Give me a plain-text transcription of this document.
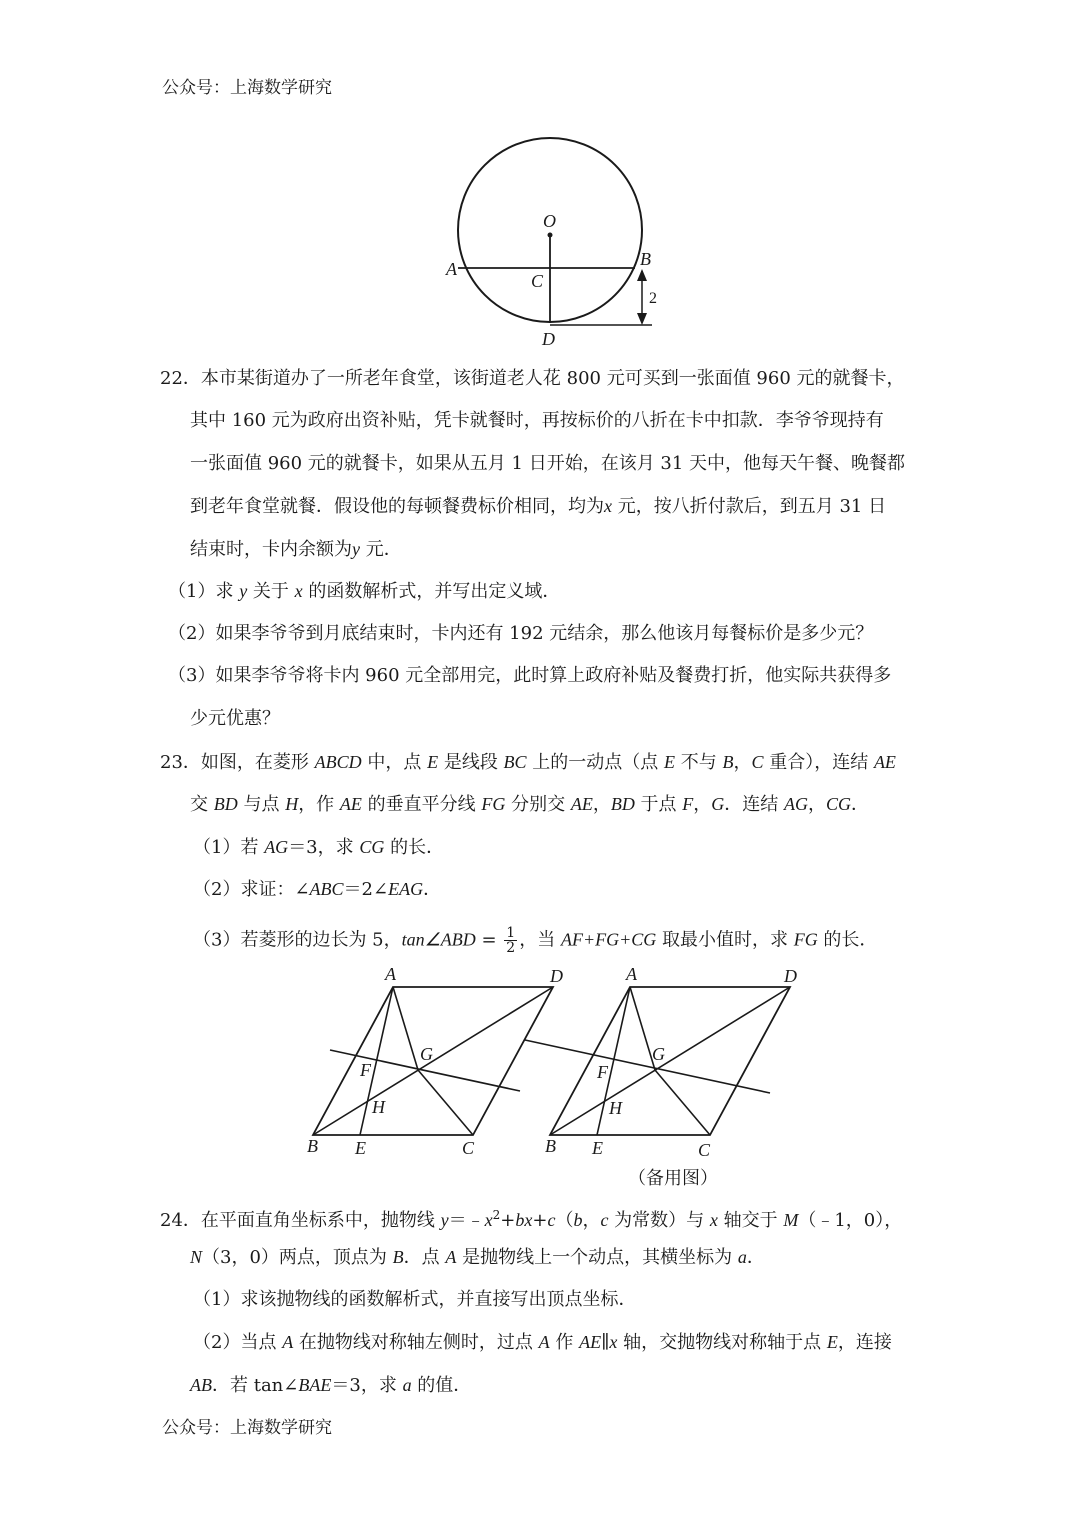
公众号：上海数学研究
O
A	B
C
D
2
22．本市某街道办了一所老年食堂，该街道老人花 800 元可买到一张面值 960 元的就餐卡，
其中 160 元为政府出资补贴，凭卡就餐时，再按标价的八折在卡中扣款．李爷爷现持有
一张面值 960 元的就餐卡，如果从五月 1 日开始，在该月 31 天中，他每天午餐、晚餐都
到老年食堂就餐．假设他的每顿餐费标价相同，均为x 元，按八折付款后，到五月 31 日
结束时，卡内余额为y 元．
（1）求 y 关于 x 的函数解析式，并写出定义域．
（2）如果李爷爷到月底结束时，卡内还有 192 元结余，那么他该月每餐标价是多少元？
（3）如果李爷爷将卡内 960 元全部用完，此时算上政府补贴及餐费打折，他实际共获得多
少元优惠？
23．如图，在菱形 ABCD 中，点 E 是线段 BC 上的一动点（点 E 不与 B，C 重合），连结 AE
交 BD 与点 H，作 AE 的垂直平分线 FG 分别交 AE，BD 于点 F，G．连结 AG，CG．
（1）若 AG＝3，求 CG 的长．
（2）求证：∠ABC＝2∠EAG．
（3）若菱形的边长为 5，tan∠ABD = $\frac{1}{2}$ ，当 AF+FG+CG 取最小值时，求 FG 的长．
A	D
B E	C
F
G
H
A	D
B E	C
F
G
H
（备用图）
24．在平面直角坐标系中，抛物线 $y=﹣x^2+bx+c(b$，c 为常数）与 x 轴交于 M（﹣1，0），
N（3，0）两点，顶点为 B．点 A 是抛物线上一个动点，其横坐标为 a．
（1）求该抛物线的函数解析式，并直接写出顶点坐标．
（2）当点 A 在抛物线对称轴左侧时，过点 A 作 AE∥x 轴，交抛物线对称轴于点 E，连接
AB．若 tan∠BAE＝3，求 a 的值．
公众号：上海数学研究
